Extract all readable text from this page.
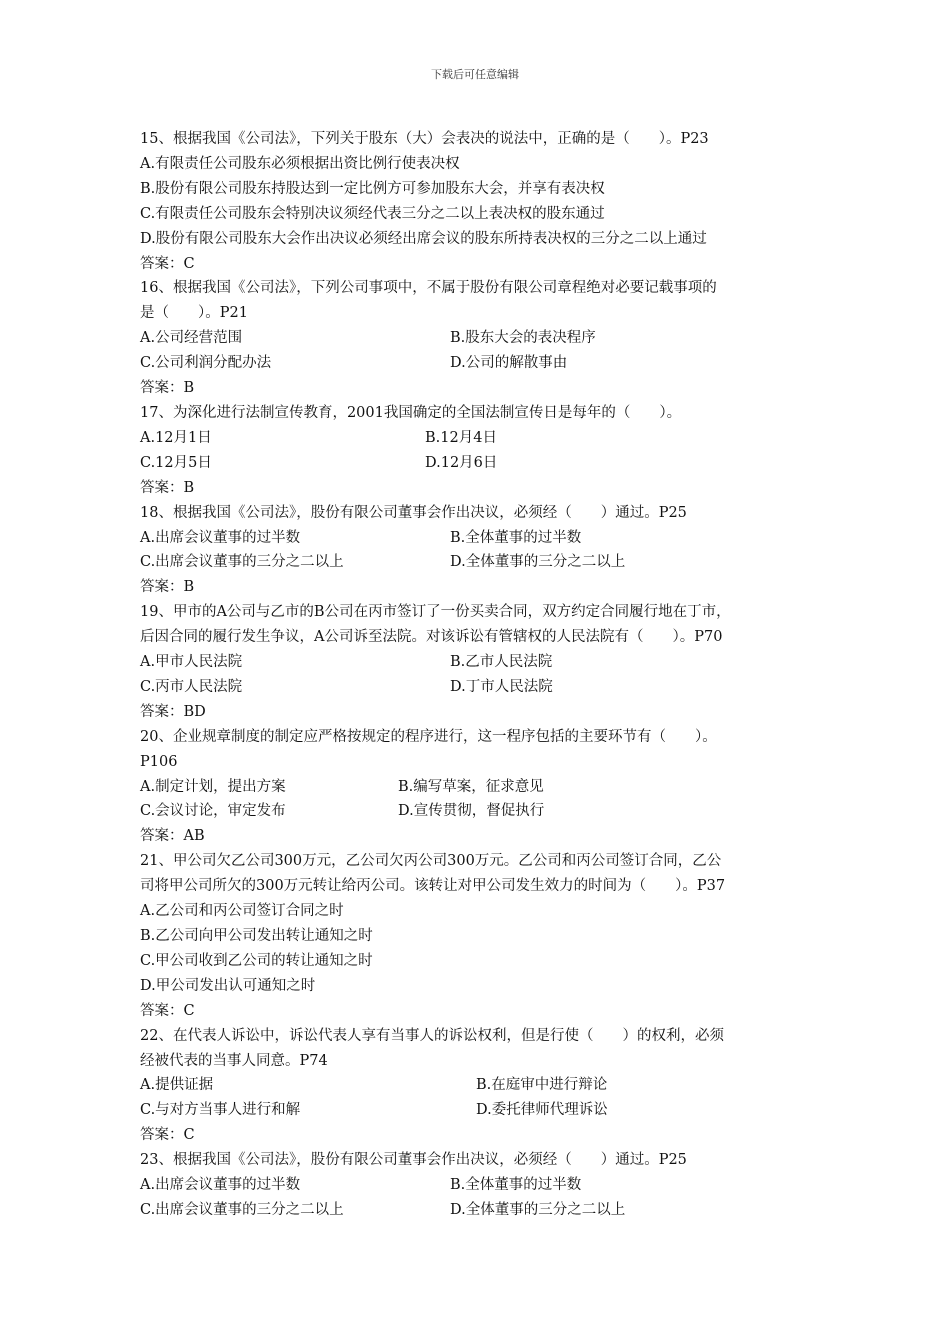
下载后可任意编辑
15、根据我国《公司法》，下列关于股东（大）会表决的说法中，正确的是（　　）。P23
A.有限责任公司股东必须根据出资比例行使表决权
B.股份有限公司股东持股达到一定比例方可参加股东大会，并享有表决权
C.有限责任公司股东会特别决议须经代表三分之二以上表决权的股东通过
D.股份有限公司股东大会作出决议必须经出席会议的股东所持表决权的三分之二以上通过
答案：C
16、根据我国《公司法》，下列公司事项中，不属于股份有限公司章程绝对必要记载事项的
是（　　）。P21
A.公司经营范围	B.股东大会的表决程序
C.公司利润分配办法	D.公司的解散事由
答案：B
17、为深化进行法制宣传教育，2001我国确定的全国法制宣传日是每年的（　　）。
A.12月1日	B.12月4日
C.12月5日	D.12月6日
答案：B
18、根据我国《公司法》，股份有限公司董事会作出决议，必须经（　　）通过。P25
A.出席会议董事的过半数	B.全体董事的过半数
C.出席会议董事的三分之二以上	D.全体董事的三分之二以上
答案：B
19、甲市的A公司与乙市的B公司在丙市签订了一份买卖合同，双方约定合同履行地在丁市，
后因合同的履行发生争议，A公司诉至法院。对该诉讼有管辖权的人民法院有（　　）。P70
A.甲市人民法院	B.乙市人民法院
C.丙市人民法院	D.丁市人民法院
答案：BD
20、企业规章制度的制定应严格按规定的程序进行，这一程序包括的主要环节有（　　）。
P106
A.制定计划，提出方案	B.编写草案，征求意见
C.会议讨论，审定发布	D.宣传贯彻，督促执行
答案：AB
21、甲公司欠乙公司300万元，乙公司欠丙公司300万元。乙公司和丙公司签订合同，乙公
司将甲公司所欠的300万元转让给丙公司。该转让对甲公司发生效力的时间为（　　）。P37
A.乙公司和丙公司签订合同之时
B.乙公司向甲公司发出转让通知之时
C.甲公司收到乙公司的转让通知之时
D.甲公司发出认可通知之时
答案：C
22、在代表人诉讼中，诉讼代表人享有当事人的诉讼权利，但是行使（　　）的权利，必须
经被代表的当事人同意。P74
A.提供证据	B.在庭审中进行辩论
C.与对方当事人进行和解	D.委托律师代理诉讼
答案：C
23、根据我国《公司法》，股份有限公司董事会作出决议，必须经（　　）通过。P25
A.出席会议董事的过半数	B.全体董事的过半数
C.出席会议董事的三分之二以上	D.全体董事的三分之二以上
